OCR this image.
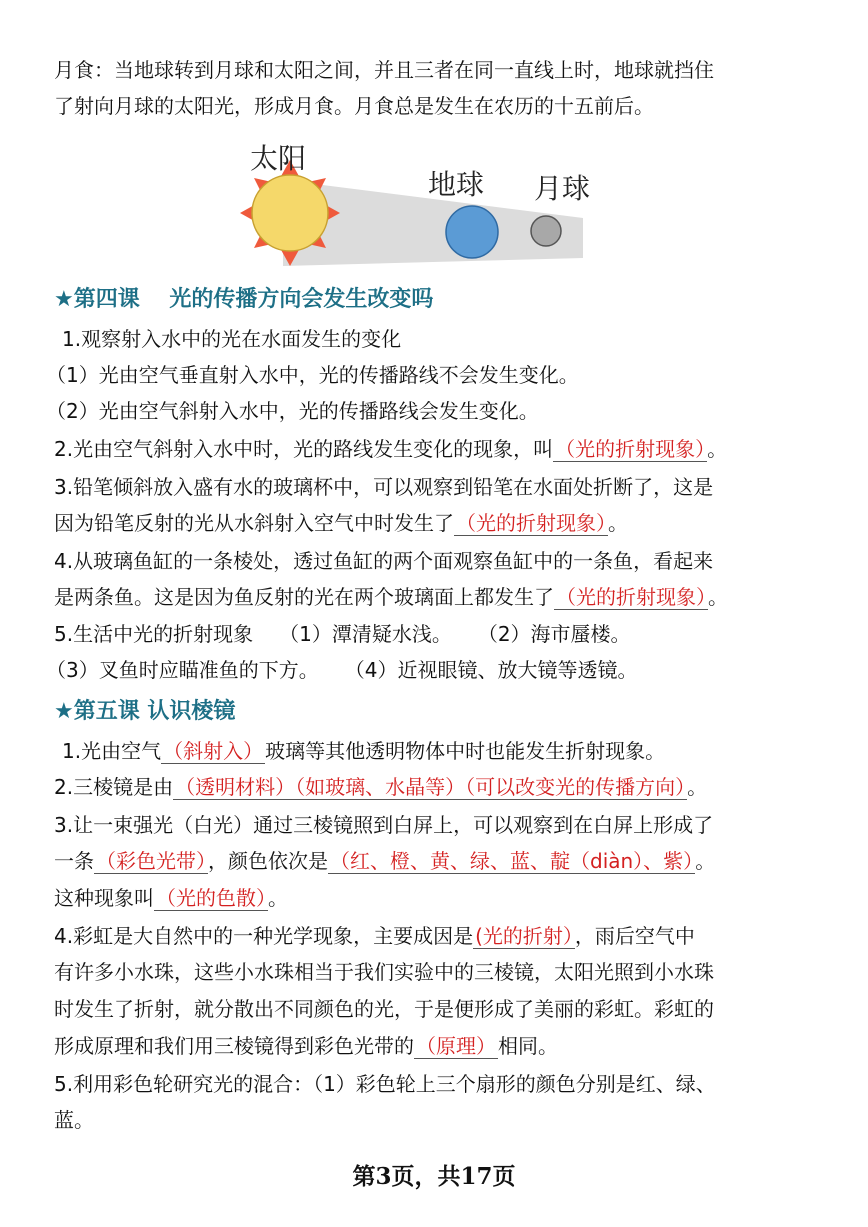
月食：当地球转到月球和太阳之间，并且三者在同一直线上时，地球就挡住
了射向月球的太阳光，形成月食。月食总是发生在农历的十五前后。
太阳
地球 月球
★第四课　 光的传播方向会发生改变吗
1.观察射入水中的光在水面发生的变化
（1）光由空气垂直射入水中，光的传播路线不会发生变化。
（2）光由空气斜射入水中，光的传播路线会发生变化。
2.光由空气斜射入水中时，光的路线发生变化的现象，叫 （光的折射现象） 。
3.铅笔倾斜放入盛有水的玻璃杯中，可以观察到铅笔在水面处折断了，这是
因为铅笔反射的光从水斜射入空气中时发生了 （光的折射现象） 。
4.从玻璃鱼缸的一条棱处，透过鱼缸的两个面观察鱼缸中的一条鱼，看起来
是两条鱼。这是因为鱼反射的光在两个玻璃面上都发生了 （光的折射现象） 。
5.生活中光的折射现象 （1）潭清疑水浅。 （2）海市蜃楼。
（3）叉鱼时应瞄准鱼的下方。 （4）近视眼镜、放大镜等透镜。
★第五课 认识棱镜
1.光由空气 （斜射入） 玻璃等其他透明物体中时也能发生折射现象。
2.三棱镜是由 （透明材料）（如玻璃、水晶等）（可以改变光的传播方向） 。
3.让一束强光（白光）通过三棱镜照到白屏上，可以观察到在白屏上形成了
一条 （彩色光带） ，颜色依次是 （红、橙、黄、绿、蓝、靛（diàn）、紫） 。
这种现象叫 （光的色散） 。
4.彩虹是大自然中的一种光学现象，主要成因是 (光的折射） ，雨后空气中
有许多小水珠，这些小水珠相当于我们实验中的三棱镜，太阳光照到小水珠
时发生了折射，就分散出不同颜色的光，于是便形成了美丽的彩虹。彩虹的
形成原理和我们用三棱镜得到彩色光带的 （原理） 相同。
5.利用彩色轮研究光的混合：（1）彩色轮上三个扇形的颜色分别是红、绿、
蓝。
第3页，共17页
